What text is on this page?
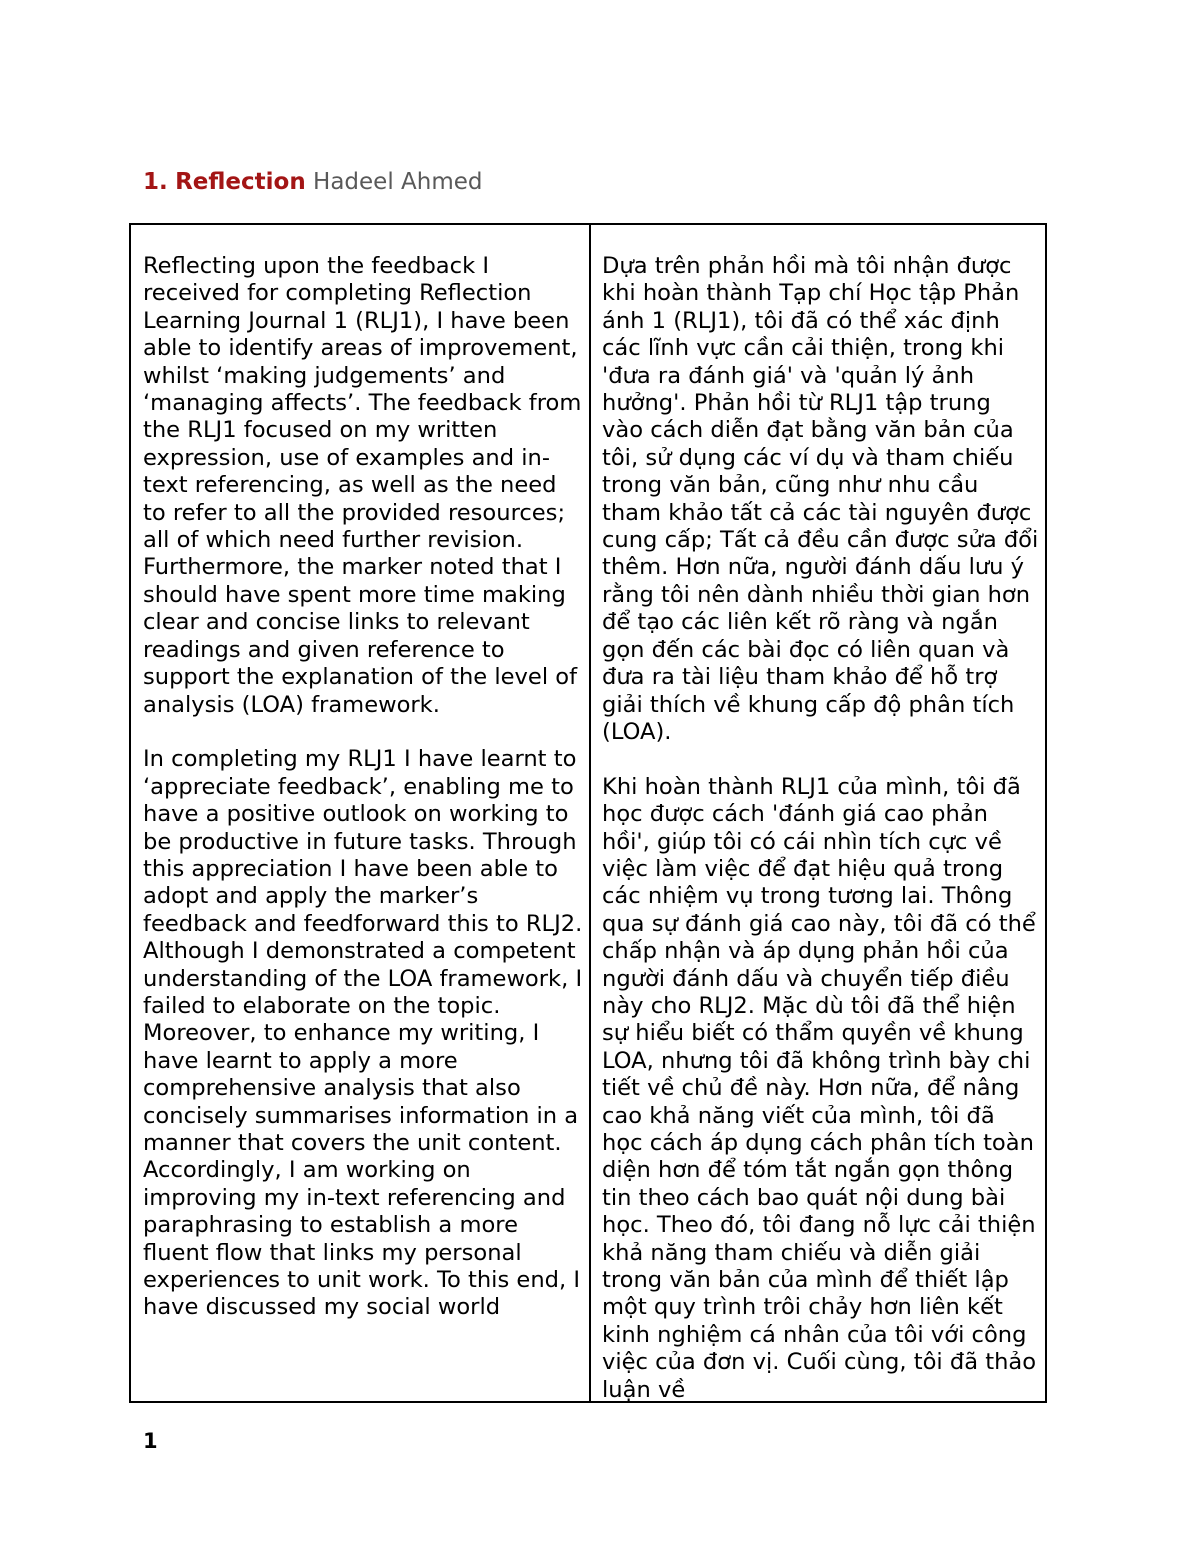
1. Reflection Hadeel Ahmed

Reflecting upon the feedback I received for completing Reflection Learning Journal 1 (RLJ1), I have been able to identify areas of improvement, whilst ‘making judgements’ and ‘managing affects’. The feedback from the RLJ1 focused on my written expression, use of examples and in-text referencing, as well as the need to refer to all the provided resources; all of which need further revision. Furthermore, the marker noted that I should have spent more time making clear and concise links to relevant readings and given reference to support the explanation of the level of analysis (LOA) framework.

In completing my RLJ1 I have learnt to ‘appreciate feedback’, enabling me to have a positive outlook on working to be productive in future tasks. Through this appreciation I have been able to adopt and apply the marker’s feedback and feedforward this to RLJ2. Although I demonstrated a competent understanding of the LOA framework, I failed to elaborate on the topic. Moreover, to enhance my writing, I have learnt to apply a more comprehensive analysis that also concisely summarises information in a manner that covers the unit content. Accordingly, I am working on improving my in-text referencing and paraphrasing to establish a more fluent flow that links my personal experiences to unit work. To this end, I have discussed my social world

Dựa trên phản hồi mà tôi nhận được khi hoàn thành Tạp chí Học tập Phản ánh 1 (RLJ1), tôi đã có thể xác định các lĩnh vực cần cải thiện, trong khi 'đưa ra đánh giá' và 'quản lý ảnh hưởng'. Phản hồi từ RLJ1 tập trung vào cách diễn đạt bằng văn bản của tôi, sử dụng các ví dụ và tham chiếu trong văn bản, cũng như nhu cầu tham khảo tất cả các tài nguyên được cung cấp; Tất cả đều cần được sửa đổi thêm. Hơn nữa, người đánh dấu lưu ý rằng tôi nên dành nhiều thời gian hơn để tạo các liên kết rõ ràng và ngắn gọn đến các bài đọc có liên quan và đưa ra tài liệu tham khảo để hỗ trợ giải thích về khung cấp độ phân tích (LOA).

Khi hoàn thành RLJ1 của mình, tôi đã học được cách 'đánh giá cao phản hồi', giúp tôi có cái nhìn tích cực về việc làm việc để đạt hiệu quả trong các nhiệm vụ trong tương lai. Thông qua sự đánh giá cao này, tôi đã có thể chấp nhận và áp dụng phản hồi của người đánh dấu và chuyển tiếp điều này cho RLJ2. Mặc dù tôi đã thể hiện sự hiểu biết có thẩm quyền về khung LOA, nhưng tôi đã không trình bày chi tiết về chủ đề này. Hơn nữa, để nâng cao khả năng viết của mình, tôi đã học cách áp dụng cách phân tích toàn diện hơn để tóm tắt ngắn gọn thông tin theo cách bao quát nội dung bài học. Theo đó, tôi đang nỗ lực cải thiện khả năng tham chiếu và diễn giải trong văn bản của mình để thiết lập một quy trình trôi chảy hơn liên kết kinh nghiệm cá nhân của tôi với công việc của đơn vị. Cuối cùng, tôi đã thảo luận về

1
